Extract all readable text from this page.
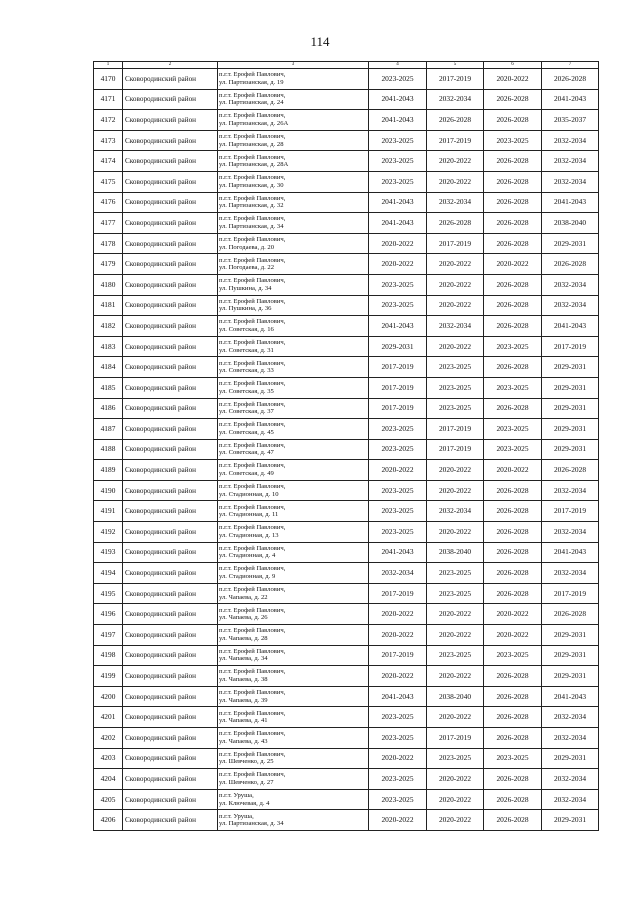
114
1	2	3	4	5	6	7
4170	Сковородинский район	п.г.т. Ерофей Павлович,
ул. Партизанская, д. 19	2023-2025	2017-2019	2020-2022	2026-2028
4171	Сковородинский район	п.г.т. Ерофей Павлович,
ул. Партизанская, д. 24	2041-2043	2032-2034	2026-2028	2041-2043
4172	Сковородинский район	п.г.т. Ерофей Павлович,
ул. Партизанская, д. 26А	2041-2043	2026-2028	2026-2028	2035-2037
4173	Сковородинский район	п.г.т. Ерофей Павлович,
ул. Партизанская, д. 28	2023-2025	2017-2019	2023-2025	2032-2034
4174	Сковородинский район	п.г.т. Ерофей Павлович,
ул. Партизанская, д. 28А	2023-2025	2020-2022	2026-2028	2032-2034
4175	Сковородинский район	п.г.т. Ерофей Павлович,
ул. Партизанская, д. 30	2023-2025	2020-2022	2026-2028	2032-2034
4176	Сковородинский район	п.г.т. Ерофей Павлович,
ул. Партизанская, д. 32	2041-2043	2032-2034	2026-2028	2041-2043
4177	Сковородинский район	п.г.т. Ерофей Павлович,
ул. Партизанская, д. 34	2041-2043	2026-2028	2026-2028	2038-2040
4178	Сковородинский район	п.г.т. Ерофей Павлович,
ул. Погодаева, д. 20	2020-2022	2017-2019	2026-2028	2029-2031
4179	Сковородинский район	п.г.т. Ерофей Павлович,
ул. Погодаева, д. 22	2020-2022	2020-2022	2020-2022	2026-2028
4180	Сковородинский район	п.г.т. Ерофей Павлович,
ул. Пушкина, д. 34	2023-2025	2020-2022	2026-2028	2032-2034
4181	Сковородинский район	п.г.т. Ерофей Павлович,
ул. Пушкина, д. 36	2023-2025	2020-2022	2026-2028	2032-2034
4182	Сковородинский район	п.г.т. Ерофей Павлович,
ул. Советская, д. 16	2041-2043	2032-2034	2026-2028	2041-2043
4183	Сковородинский район	п.г.т. Ерофей Павлович,
ул. Советская, д. 31	2029-2031	2020-2022	2023-2025	2017-2019
4184	Сковородинский район	п.г.т. Ерофей Павлович,
ул. Советская, д. 33	2017-2019	2023-2025	2026-2028	2029-2031
4185	Сковородинский район	п.г.т. Ерофей Павлович,
ул. Советская, д. 35	2017-2019	2023-2025	2023-2025	2029-2031
4186	Сковородинский район	п.г.т. Ерофей Павлович,
ул. Советская, д. 37	2017-2019	2023-2025	2026-2028	2029-2031
4187	Сковородинский район	п.г.т. Ерофей Павлович,
ул. Советская, д. 45	2023-2025	2017-2019	2023-2025	2029-2031
4188	Сковородинский район	п.г.т. Ерофей Павлович,
ул. Советская, д. 47	2023-2025	2017-2019	2023-2025	2029-2031
4189	Сковородинский район	п.г.т. Ерофей Павлович,
ул. Советская, д. 49	2020-2022	2020-2022	2020-2022	2026-2028
4190	Сковородинский район	п.г.т. Ерофей Павлович,
ул. Стадионная, д. 10	2023-2025	2020-2022	2026-2028	2032-2034
4191	Сковородинский район	п.г.т. Ерофей Павлович,
ул. Стадионная, д. 11	2023-2025	2032-2034	2026-2028	2017-2019
4192	Сковородинский район	п.г.т. Ерофей Павлович,
ул. Стадионная, д. 13	2023-2025	2020-2022	2026-2028	2032-2034
4193	Сковородинский район	п.г.т. Ерофей Павлович,
ул. Стадионная, д. 4	2041-2043	2038-2040	2026-2028	2041-2043
4194	Сковородинский район	п.г.т. Ерофей Павлович,
ул. Стадионная, д. 9	2032-2034	2023-2025	2026-2028	2032-2034
4195	Сковородинский район	п.г.т. Ерофей Павлович,
ул. Чапаева, д. 22	2017-2019	2023-2025	2026-2028	2017-2019
4196	Сковородинский район	п.г.т. Ерофей Павлович,
ул. Чапаева, д. 26	2020-2022	2020-2022	2020-2022	2026-2028
4197	Сковородинский район	п.г.т. Ерофей Павлович,
ул. Чапаева, д. 28	2020-2022	2020-2022	2020-2022	2029-2031
4198	Сковородинский район	п.г.т. Ерофей Павлович,
ул. Чапаева, д. 34	2017-2019	2023-2025	2023-2025	2029-2031
4199	Сковородинский район	п.г.т. Ерофей Павлович,
ул. Чапаева, д. 38	2020-2022	2020-2022	2026-2028	2029-2031
4200	Сковородинский район	п.г.т. Ерофей Павлович,
ул. Чапаева, д. 39	2041-2043	2038-2040	2026-2028	2041-2043
4201	Сковородинский район	п.г.т. Ерофей Павлович,
ул. Чапаева, д. 41	2023-2025	2020-2022	2026-2028	2032-2034
4202	Сковородинский район	п.г.т. Ерофей Павлович,
ул. Чапаева, д. 43	2023-2025	2017-2019	2026-2028	2032-2034
4203	Сковородинский район	п.г.т. Ерофей Павлович,
ул. Шевченко, д. 25	2020-2022	2023-2025	2023-2025	2029-2031
4204	Сковородинский район	п.г.т. Ерофей Павлович,
ул. Шевченко, д. 27	2023-2025	2020-2022	2026-2028	2032-2034
4205	Сковородинский район	п.г.т. Уруша,
ул. Ключевая, д. 4	2023-2025	2020-2022	2026-2028	2032-2034
4206	Сковородинский район	п.г.т. Уруша,
ул. Партизанская, д. 34	2020-2022	2020-2022	2026-2028	2029-2031
